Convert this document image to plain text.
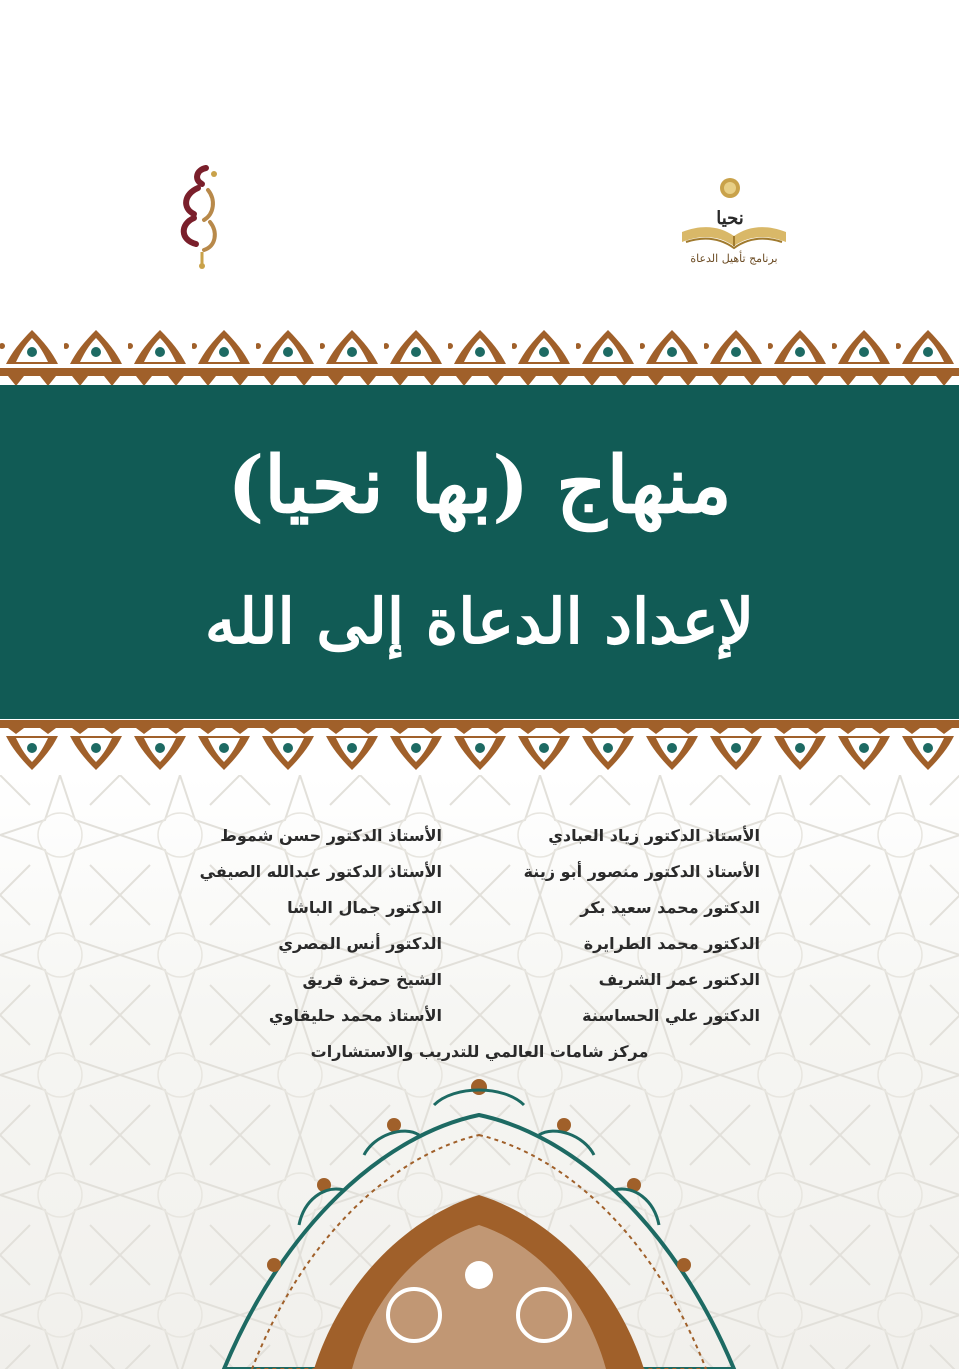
نحيا
برنامج تأهيل الدعاة
منهاج (بها نحيا)
لإعداد الدعاة إلى الله
الأستاذ الدكتور زياد العبادي
الأستاذ الدكتور منصور أبو زينة
الدكتور محمد سعيد بكر
الدكتور محمد الطرايرة
الدكتور عمر الشريف
الدكتور علي الحساسنة
الأستاذ الدكتور حسن شموط
الأستاذ الدكتور عبدالله الصيفي
الدكتور جمال الباشا
الدكتور أنس المصري
الشيخ حمزة قريق
الأستاذ محمد حليقاوي
مركز شامات العالمي للتدريب والاستشارات
